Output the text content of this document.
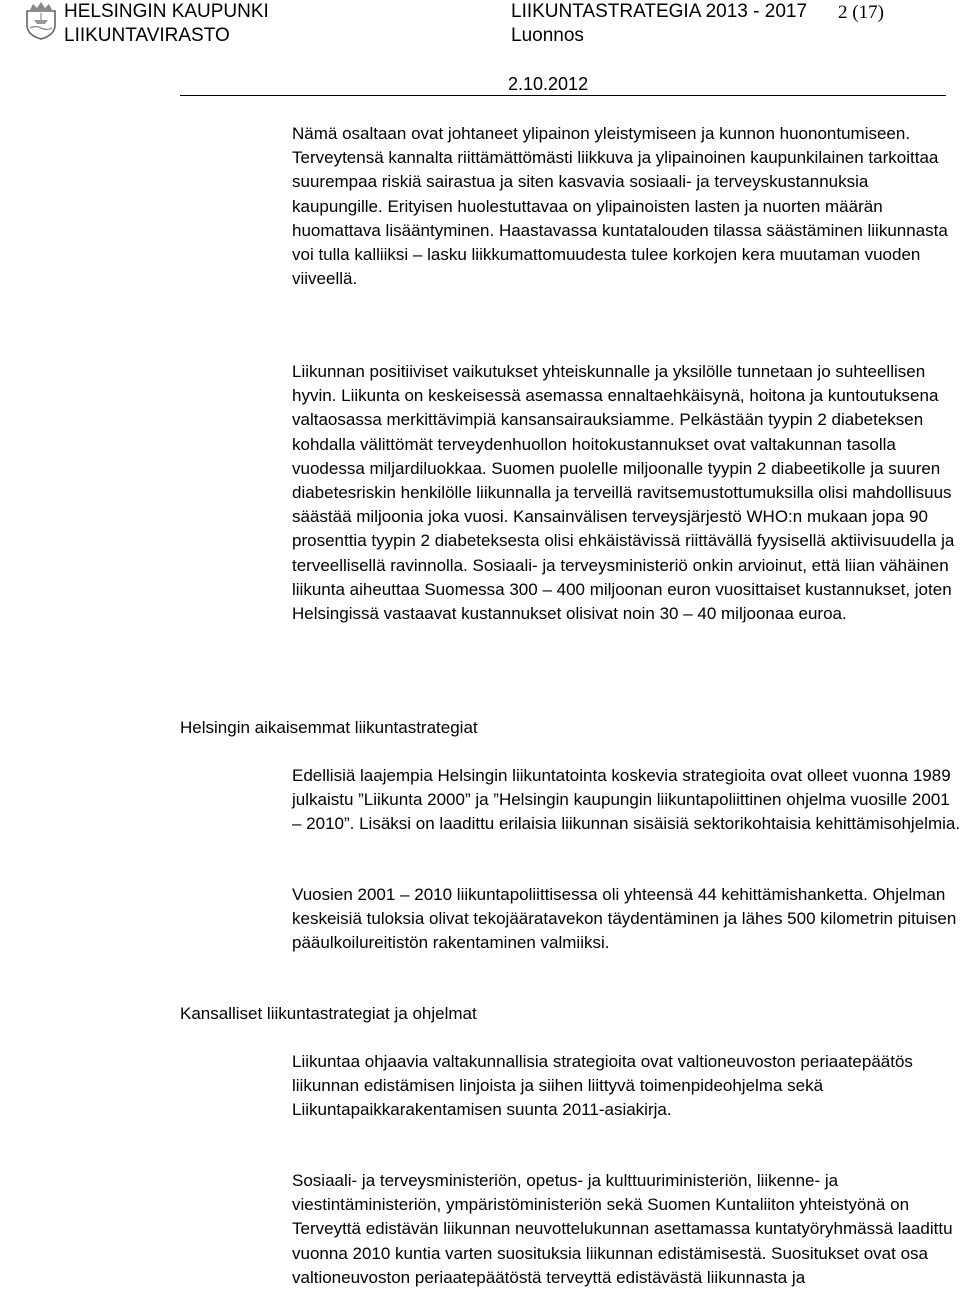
HELSINGIN KAUPUNKI
LIIKUNTAVIRASTO
LIIKUNTASTRATEGIA 2013 - 2017
Luonnos
2 (17)
2.10.2012

Nämä osaltaan ovat johtaneet ylipainon yleistymiseen ja kunnon huonontumiseen. Terveytensä kannalta riittämättömästi liikkuva ja ylipainoinen kaupunkilainen tarkoittaa suurempaa riskiä sairastua ja siten kasvavia sosiaali- ja terveyskustannuksia kaupungille. Erityisen huolestuttavaa on ylipainoisten lasten ja nuorten määrän huomattava lisääntyminen. Haastavassa kuntatalouden tilassa säästäminen liikunnasta voi tulla kalliiksi – lasku liikkumattomuudesta tulee korkojen kera muutaman vuoden viiveellä.

Liikunnan positiiviset vaikutukset yhteiskunnalle ja yksilölle tunnetaan jo suhteellisen hyvin. Liikunta on keskeisessä asemassa ennaltaehkäisynä, hoitona ja kuntoutuksena valtaosassa merkittävimpiä kansansairauksiamme. Pelkästään tyypin 2 diabeteksen kohdalla välittömät terveydenhuollon hoitokustannukset ovat valtakunnan tasolla vuodessa miljardiluokkaa. Suomen puolelle miljoonalle tyypin 2 diabeetikolle ja suuren diabetesriskin henkilölle liikunnalla ja terveillä ravitsemustottumuksilla olisi mahdollisuus säästää miljoonia joka vuosi. Kansainvälisen terveysjärjestö WHO:n mukaan jopa 90 prosenttia tyypin 2 diabeteksesta olisi ehkäistävissä riittävällä fyysisellä aktiivisuudella ja terveellisellä ravinnolla. Sosiaali- ja terveysministeriö onkin arvioinut, että liian vähäinen liikunta aiheuttaa Suomessa 300 – 400 miljoonan euron vuosittaiset kustannukset, joten Helsingissä vastaavat kustannukset olisivat noin 30 – 40 miljoonaa euroa.

Helsingin aikaisemmat liikuntastrategiat

Edellisiä laajempia Helsingin liikuntatointa koskevia strategioita ovat olleet vuonna 1989 julkaistu ”Liikunta 2000” ja ”Helsingin kaupungin liikuntapoliittinen ohjelma vuosille 2001 – 2010”. Lisäksi on laadittu erilaisia liikunnan sisäisiä sektorikohtaisia kehittämisohjelmia.

Vuosien 2001 – 2010 liikuntapoliittisessa oli yhteensä 44 kehittämishanketta. Ohjelman keskeisiä tuloksia olivat tekojääratavekon täydentäminen ja lähes 500 kilometrin pituisen pääulkoilureitistön rakentaminen valmiiksi.

Kansalliset liikuntastrategiat ja ohjelmat

Liikuntaa ohjaavia valtakunnallisia strategioita ovat valtioneuvoston periaatepäätös liikunnan edistämisen linjoista ja siihen liittyvä toimenpideohjelma sekä Liikuntapaikkarakentamisen suunta 2011-asiakirja.

Sosiaali- ja terveysministeriön, opetus- ja kulttuuriministeriön, liikenne- ja viestintäministeriön, ympäristöministeriön sekä Suomen Kuntaliiton yhteistyönä on Terveyttä edistävän liikunnan neuvottelukunnan asettamassa kuntatyöryhmässä laadittu vuonna 2010 kuntia varten suosituksia liikunnan edistämisestä. Suositukset ovat osa valtioneuvoston periaatepäätöstä terveyttä edistävästä liikunnasta ja
